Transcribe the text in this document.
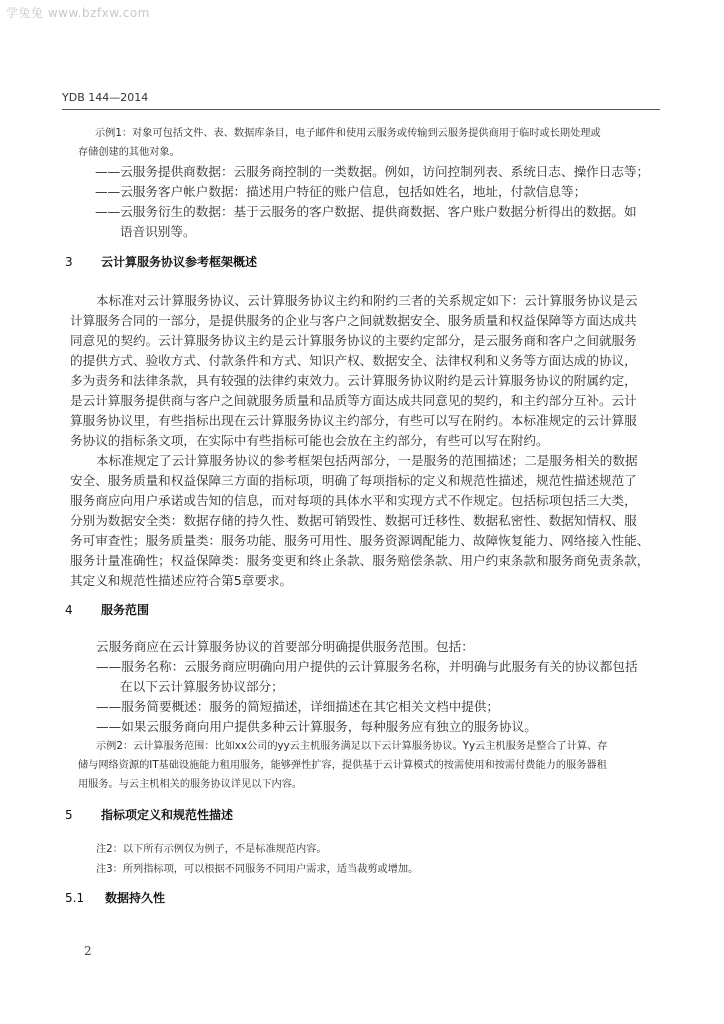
学兔兔 www.bzfxw.com
YDB 144—2014
示例1：对象可包括文件、表、数据库条目，电子邮件和使用云服务或传输到云服务提供商用于临时或长期处理或
存储创建的其他对象。
——云服务提供商数据：云服务商控制的一类数据。例如，访问控制列表、系统日志、操作日志等；
——云服务客户帐户数据：描述用户特征的账户信息，包括如姓名，地址，付款信息等；
——云服务衍生的数据：基于云服务的客户数据、提供商数据、客户账户数据分析得出的数据。如
语音识别等。
3 云计算服务协议参考框架概述
本标准对云计算服务协议、云计算服务协议主约和附约三者的关系规定如下：云计算服务协议是云
计算服务合同的一部分，是提供服务的企业与客户之间就数据安全、服务质量和权益保障等方面达成共
同意见的契约。云计算服务协议主约是云计算服务协议的主要约定部分，是云服务商和客户之间就服务
的提供方式、验收方式、付款条件和方式、知识产权、数据安全、法律权利和义务等方面达成的协议，
多为责务和法律条款，具有较强的法律约束效力。云计算服务协议附约是云计算服务协议的附属约定，
是云计算服务提供商与客户之间就服务质量和品质等方面达成共同意见的契约，和主约部分互补。云计
算服务协议里，有些指标出现在云计算服务协议主约部分，有些可以写在附约。本标准规定的云计算服
务协议的指标条文项，在实际中有些指标可能也会放在主约部分，有些可以写在附约。
本标准规定了云计算服务协议的参考框架包括两部分，一是服务的范围描述；二是服务相关的数据
安全、服务质量和权益保障三方面的指标项，明确了每项指标的定义和规范性描述，规范性描述规范了
服务商应向用户承诺或告知的信息，而对每项的具体水平和实现方式不作规定。包括标项包括三大类，
分别为数据安全类：数据存储的持久性、数据可销毁性、数据可迁移性、数据私密性、数据知情权、服
务可审查性；服务质量类：服务功能、服务可用性、服务资源调配能力、故障恢复能力、网络接入性能、
服务计量准确性；权益保障类：服务变更和终止条款、服务赔偿条款、用户约束条款和服务商免责条款，
其定义和规范性描述应符合第5章要求。
4 服务范围
云服务商应在云计算服务协议的首要部分明确提供服务范围。包括：
——服务名称：云服务商应明确向用户提供的云计算服务名称，并明确与此服务有关的协议都包括
在以下云计算服务协议部分；
——服务简要概述：服务的简短描述，详细描述在其它相关文档中提供；
——如果云服务商向用户提供多种云计算服务，每种服务应有独立的服务协议。
示例2：云计算服务范围：比如xx公司的yy云主机服务满足以下云计算服务协议。Yy云主机服务是整合了计算、存
储与网络资源的IT基础设施能力租用服务，能够弹性扩容，提供基于云计算模式的按需使用和按需付费能力的服务器租
用服务。与云主机相关的服务协议详见以下内容。
5 指标项定义和规范性描述
注2：以下所有示例仅为例子，不是标准规范内容。
注3：所列指标项，可以根据不同服务不同用户需求，适当裁剪或增加。
5.1 数据持久性
2
